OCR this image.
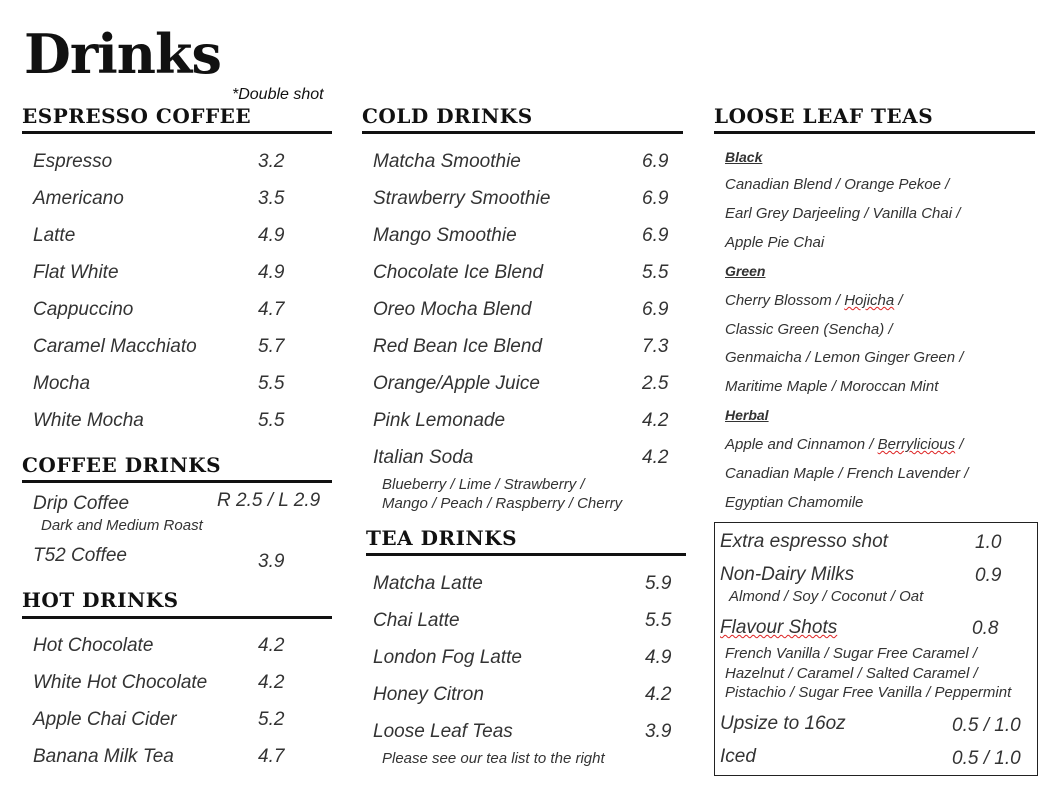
Drinks
*Double shot
ESPRESSO COFFEE
Espresso	3.2
Americano	3.5
Latte	4.9
Flat White	4.9
Cappuccino	4.7
Caramel Macchiato	5.7
Mocha	5.5
White Mocha	5.5
COFFEE DRINKS
Drip Coffee	R 2.5 / L 2.9
Dark and Medium Roast
T52 Coffee	3.9
HOT DRINKS
Hot Chocolate	4.2
White Hot Chocolate	4.2
Apple Chai Cider	5.2
Banana Milk Tea	4.7
COLD DRINKS
Matcha Smoothie	6.9
Strawberry Smoothie	6.9
Mango Smoothie	6.9
Chocolate Ice Blend	5.5
Oreo Mocha Blend	6.9
Red Bean Ice Blend	7.3
Orange/Apple Juice	2.5
Pink Lemonade	4.2
Italian Soda	4.2
Blueberry / Lime / Strawberry /
Mango / Peach / Raspberry / Cherry
TEA DRINKS
Matcha Latte	5.9
Chai Latte	5.5
London Fog Latte	4.9
Honey Citron	4.2
Loose Leaf Teas	3.9
Please see our tea list to the right
LOOSE LEAF TEAS
Black
Canadian Blend / Orange Pekoe /
Earl Grey Darjeeling / Vanilla Chai /
Apple Pie Chai
Green
Cherry Blossom / Hojicha /
Classic Green (Sencha) /
Genmaicha / Lemon Ginger Green /
Maritime Maple / Moroccan Mint
Herbal
Apple and Cinnamon / Berrylicious /
Canadian Maple / French Lavender /
Egyptian Chamomile
Extra espresso shot	1.0
Non-Dairy Milks	0.9
Almond / Soy / Coconut / Oat
Flavour Shots	0.8
French Vanilla / Sugar Free Caramel /
Hazelnut / Caramel / Salted Caramel /
Pistachio / Sugar Free Vanilla / Peppermint
Upsize to 16oz	0.5 / 1.0
Iced	0.5 / 1.0
